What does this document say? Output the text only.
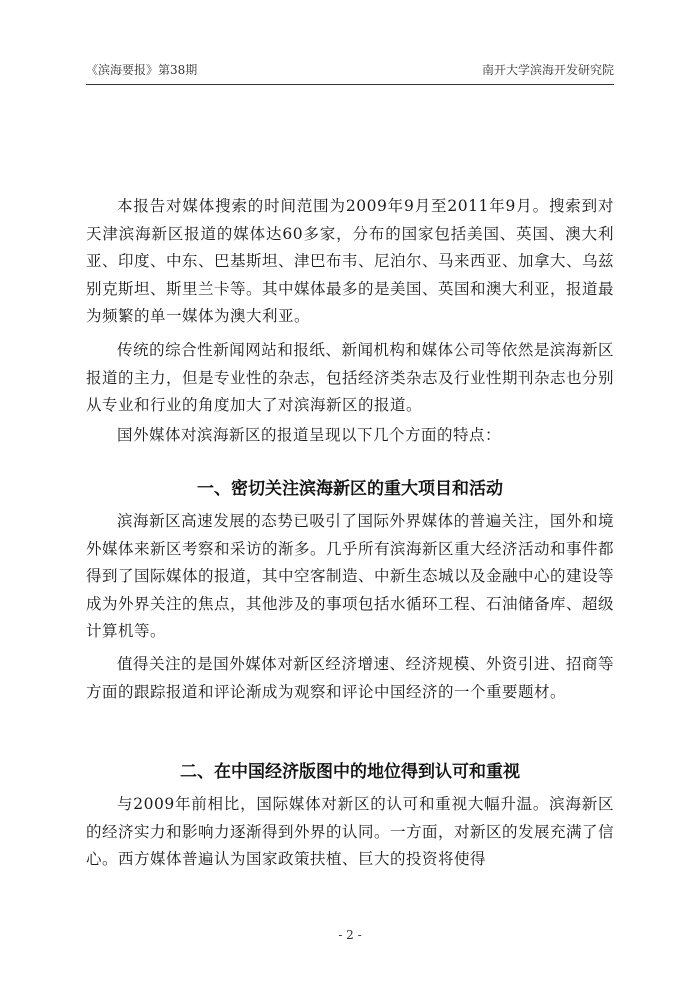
《滨海要报》第38期	南开大学滨海开发研究院

本报告对媒体搜索的时间范围为2009年9月至2011年9月。搜索到对天津滨海新区报道的媒体达60多家，分布的国家包括美国、英国、澳大利亚、印度、中东、巴基斯坦、津巴布韦、尼泊尔、马来西亚、加拿大、乌兹别克斯坦、斯里兰卡等。其中媒体最多的是美国、英国和澳大利亚，报道最为频繁的单一媒体为澳大利亚。

传统的综合性新闻网站和报纸、新闻机构和媒体公司等依然是滨海新区报道的主力，但是专业性的杂志，包括经济类杂志及行业性期刊杂志也分别从专业和行业的角度加大了对滨海新区的报道。

国外媒体对滨海新区的报道呈现以下几个方面的特点：

一、密切关注滨海新区的重大项目和活动

滨海新区高速发展的态势已吸引了国际外界媒体的普遍关注，国外和境外媒体来新区考察和采访的渐多。几乎所有滨海新区重大经济活动和事件都得到了国际媒体的报道，其中空客制造、中新生态城以及金融中心的建设等成为外界关注的焦点，其他涉及的事项包括水循环工程、石油储备库、超级计算机等。

值得关注的是国外媒体对新区经济增速、经济规模、外资引进、招商等方面的跟踪报道和评论渐成为观察和评论中国经济的一个重要题材。

二、在中国经济版图中的地位得到认可和重视

与2009年前相比，国际媒体对新区的认可和重视大幅升温。滨海新区的经济实力和影响力逐渐得到外界的认同。一方面，对新区的发展充满了信心。西方媒体普遍认为国家政策扶植、巨大的投资将使得

- 2 -
